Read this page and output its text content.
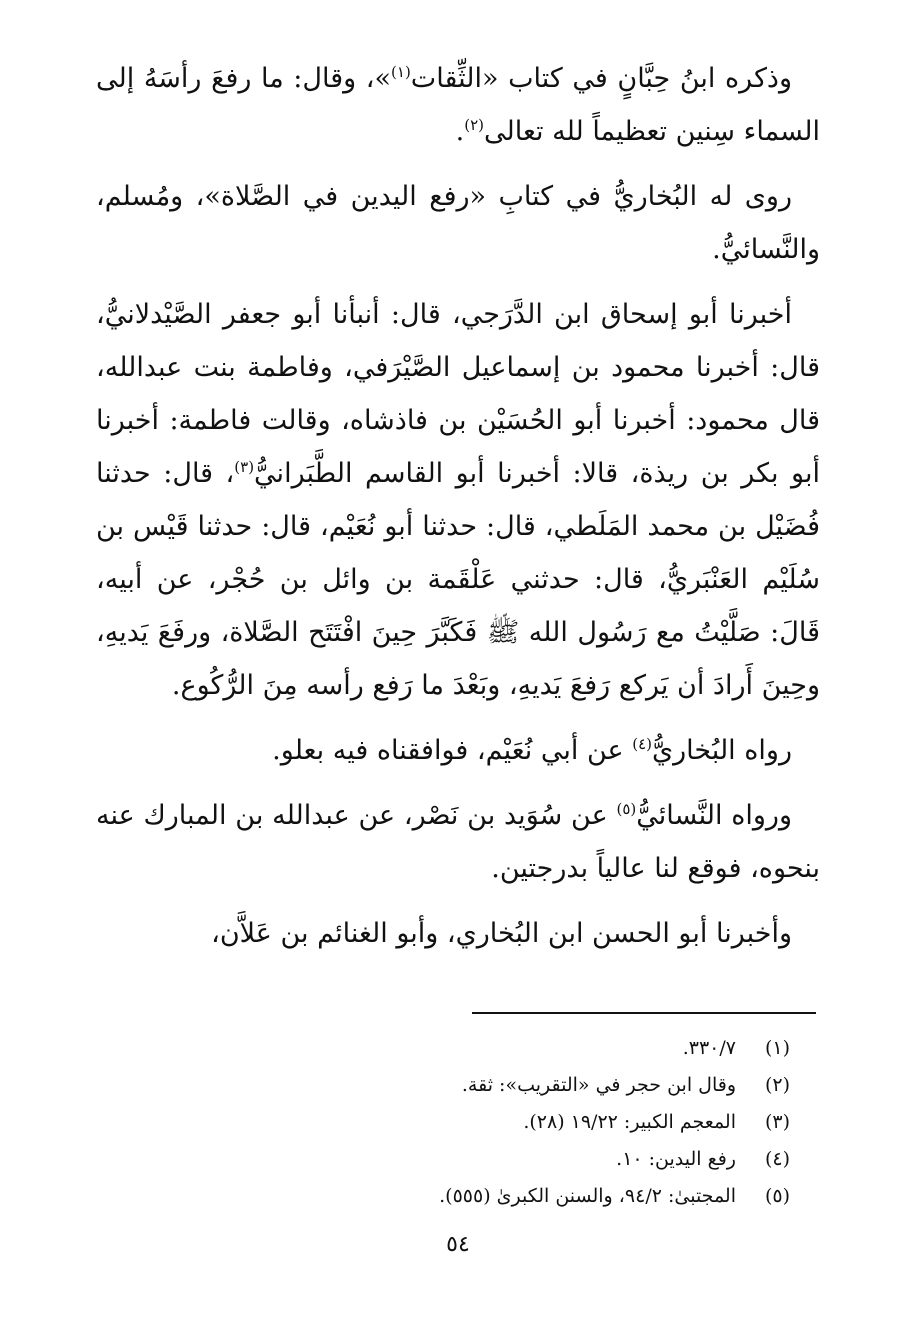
وذكره ابنُ حِبَّانٍ في كتاب «الثِّقات$^{(١)}$»، وقال: ما رفعَ رأسَهُ إلى السماء سِنين تعظيماً لله تعالى$^{(٢)}$.

روى له البُخاريُّ في كتابِ «رفع اليدين في الصَّلاة»، ومُسلم، والنَّسائيُّ.

أخبرنا أبو إسحاق ابن الدَّرَجي، قال: أنبأنا أبو جعفر الصَّيْدلانيُّ، قال: أخبرنا محمود بن إسماعيل الصَّيْرَفي، وفاطمة بنت عبدالله، قال محمود: أخبرنا أبو الحُسَيْن بن فاذشاه، وقالت فاطمة: أخبرنا أبو بكر بن ريذة، قالا: أخبرنا أبو القاسم الطَّبَرانيُّ$^{(٣)}$، قال: حدثنا فُضَيْل بن محمد المَلَطي، قال: حدثنا أبو نُعَيْم، قال: حدثنا قَيْس بن سُلَيْم العَنْبَريُّ، قال: حدثني عَلْقَمة بن وائل بن حُجْر، عن أبيه، قَالَ: صَلَّيْتُ مع رَسُول الله ﷺ فَكَبَّرَ حِينَ افْتَتَح الصَّلاة، ورفَعَ يَديهِ، وحِينَ أَرادَ أن يَركع رَفعَ يَديهِ، وبَعْدَ ما رَفع رأسه مِنَ الرُّكُوع.

رواه البُخاريُّ$^{(٤)}$ عن أبي نُعَيْم، فوافقناه فيه بعلو.

ورواه النَّسائيُّ$^{(٥)}$ عن سُوَيد بن نَصْر، عن عبدالله بن المبارك عنه بنحوه، فوقع لنا عالياً بدرجتين.

وأخبرنا أبو الحسن ابن البُخاري، وأبو الغنائم بن عَلاَّن،

(١)
٣٣٠/٧.
(٢)
وقال ابن حجر في «التقريب»: ثقة.
(٣)
المعجم الكبير: ١٩/٢٢ (٢٨).
(٤)
رفع اليدين: ١٠.
(٥)
المجتبىٰ: ٩٤/٢، والسنن الكبرىٰ (٥٥٥).
٥٤
